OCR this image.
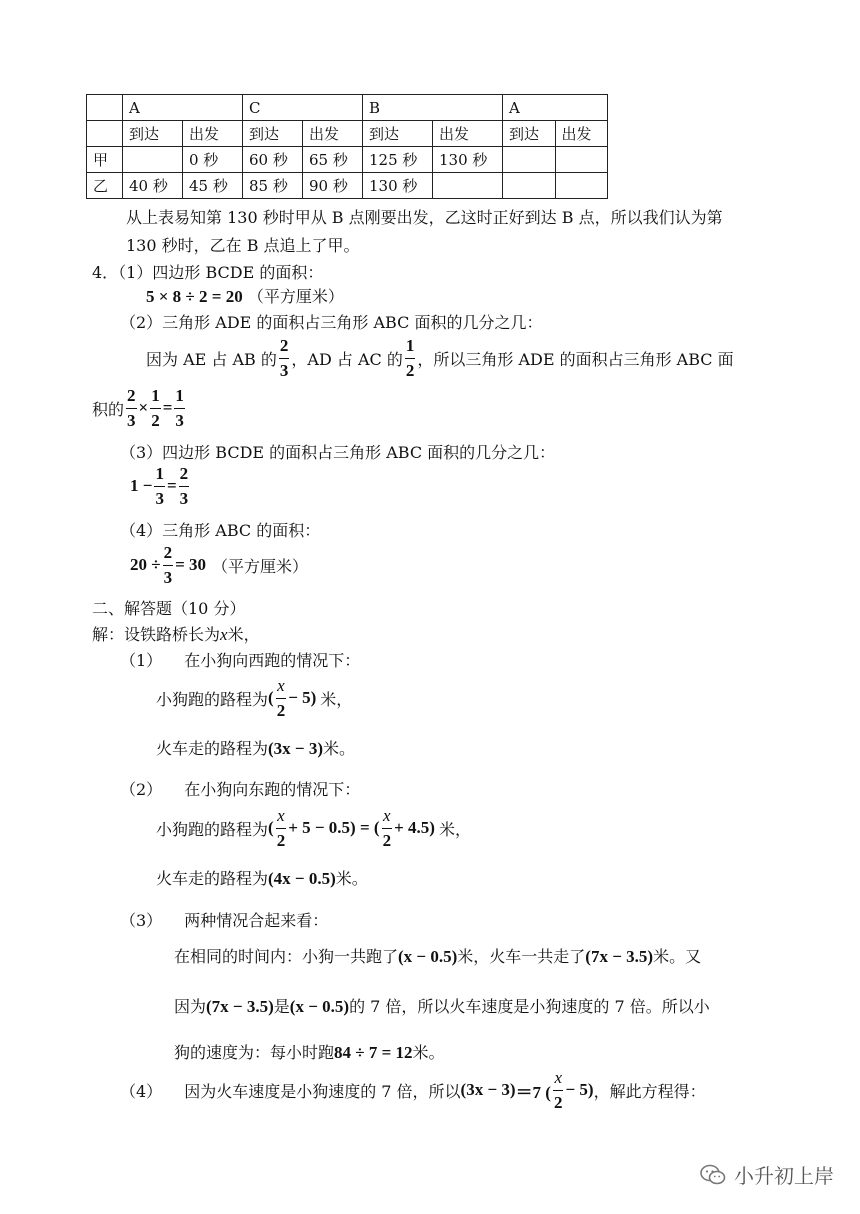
	A		C		B		A	
	到达	出发	到达	出发	到达	出发	到达	出发
甲		0 秒	60 秒	65 秒	125 秒	130 秒		
乙	40 秒	45 秒	85 秒	90 秒	130 秒			
从上表易知第 130 秒时甲从 B 点刚要出发，乙这时正好到达 B 点，所以我们认为第
130 秒时，乙在 B 点追上了甲。
4．（1）四边形 BCDE 的面积：
5 × 8 ÷ 2 = 20 （平方厘米）
（2）三角形 ADE 的面积占三角形 ABC 面积的几分之几：
因为 AE 占 AB 的 $\frac{2}{3}$ ，AD 占 AC 的 $\frac{1}{2}$ ，所以三角形 ADE 的面积占三角形 ABC 面
积的 $\frac{2}{3} \times \frac{1}{2} = \frac{1}{3}$
（3）四边形 BCDE 的面积占三角形 ABC 面积的几分之几：
$1 - \frac{1}{3} = \frac{2}{3}$
（4）三角形 ABC 的面积：
$20 \div \frac{2}{3} = 30$ （平方厘米）
二、解答题（10 分）
解：设铁路桥长为x米，
（1） 在小狗向西跑的情况下：
小狗跑的路程为 ( $\frac{x}{2} - 5$) 米，
火车走的路程为(3x − 3)米。
（2） 在小狗向东跑的情况下：
小狗跑的路程为 ( $\frac{x}{2} + 5 - 0.5$) = ( $\frac{x}{2} + 4.5$) 米，
火车走的路程为(4x − 0.5)米。
（3） 两种情况合起来看：
在相同的时间内：小狗一共跑了(x − 0.5)米，火车一共走了(7x − 3.5)米。又
因为(7x − 3.5)是(x − 0.5)的 7 倍，所以火车速度是小狗速度的 7 倍。所以小
狗的速度为：每小时跑84 ÷ 7 = 12米。
（4） 因为火车速度是小狗速度的 7 倍，所以 (3x − 3) ＝7 ( $\frac{x}{2} - 5$) ，解此方程得：
小升初上岸
